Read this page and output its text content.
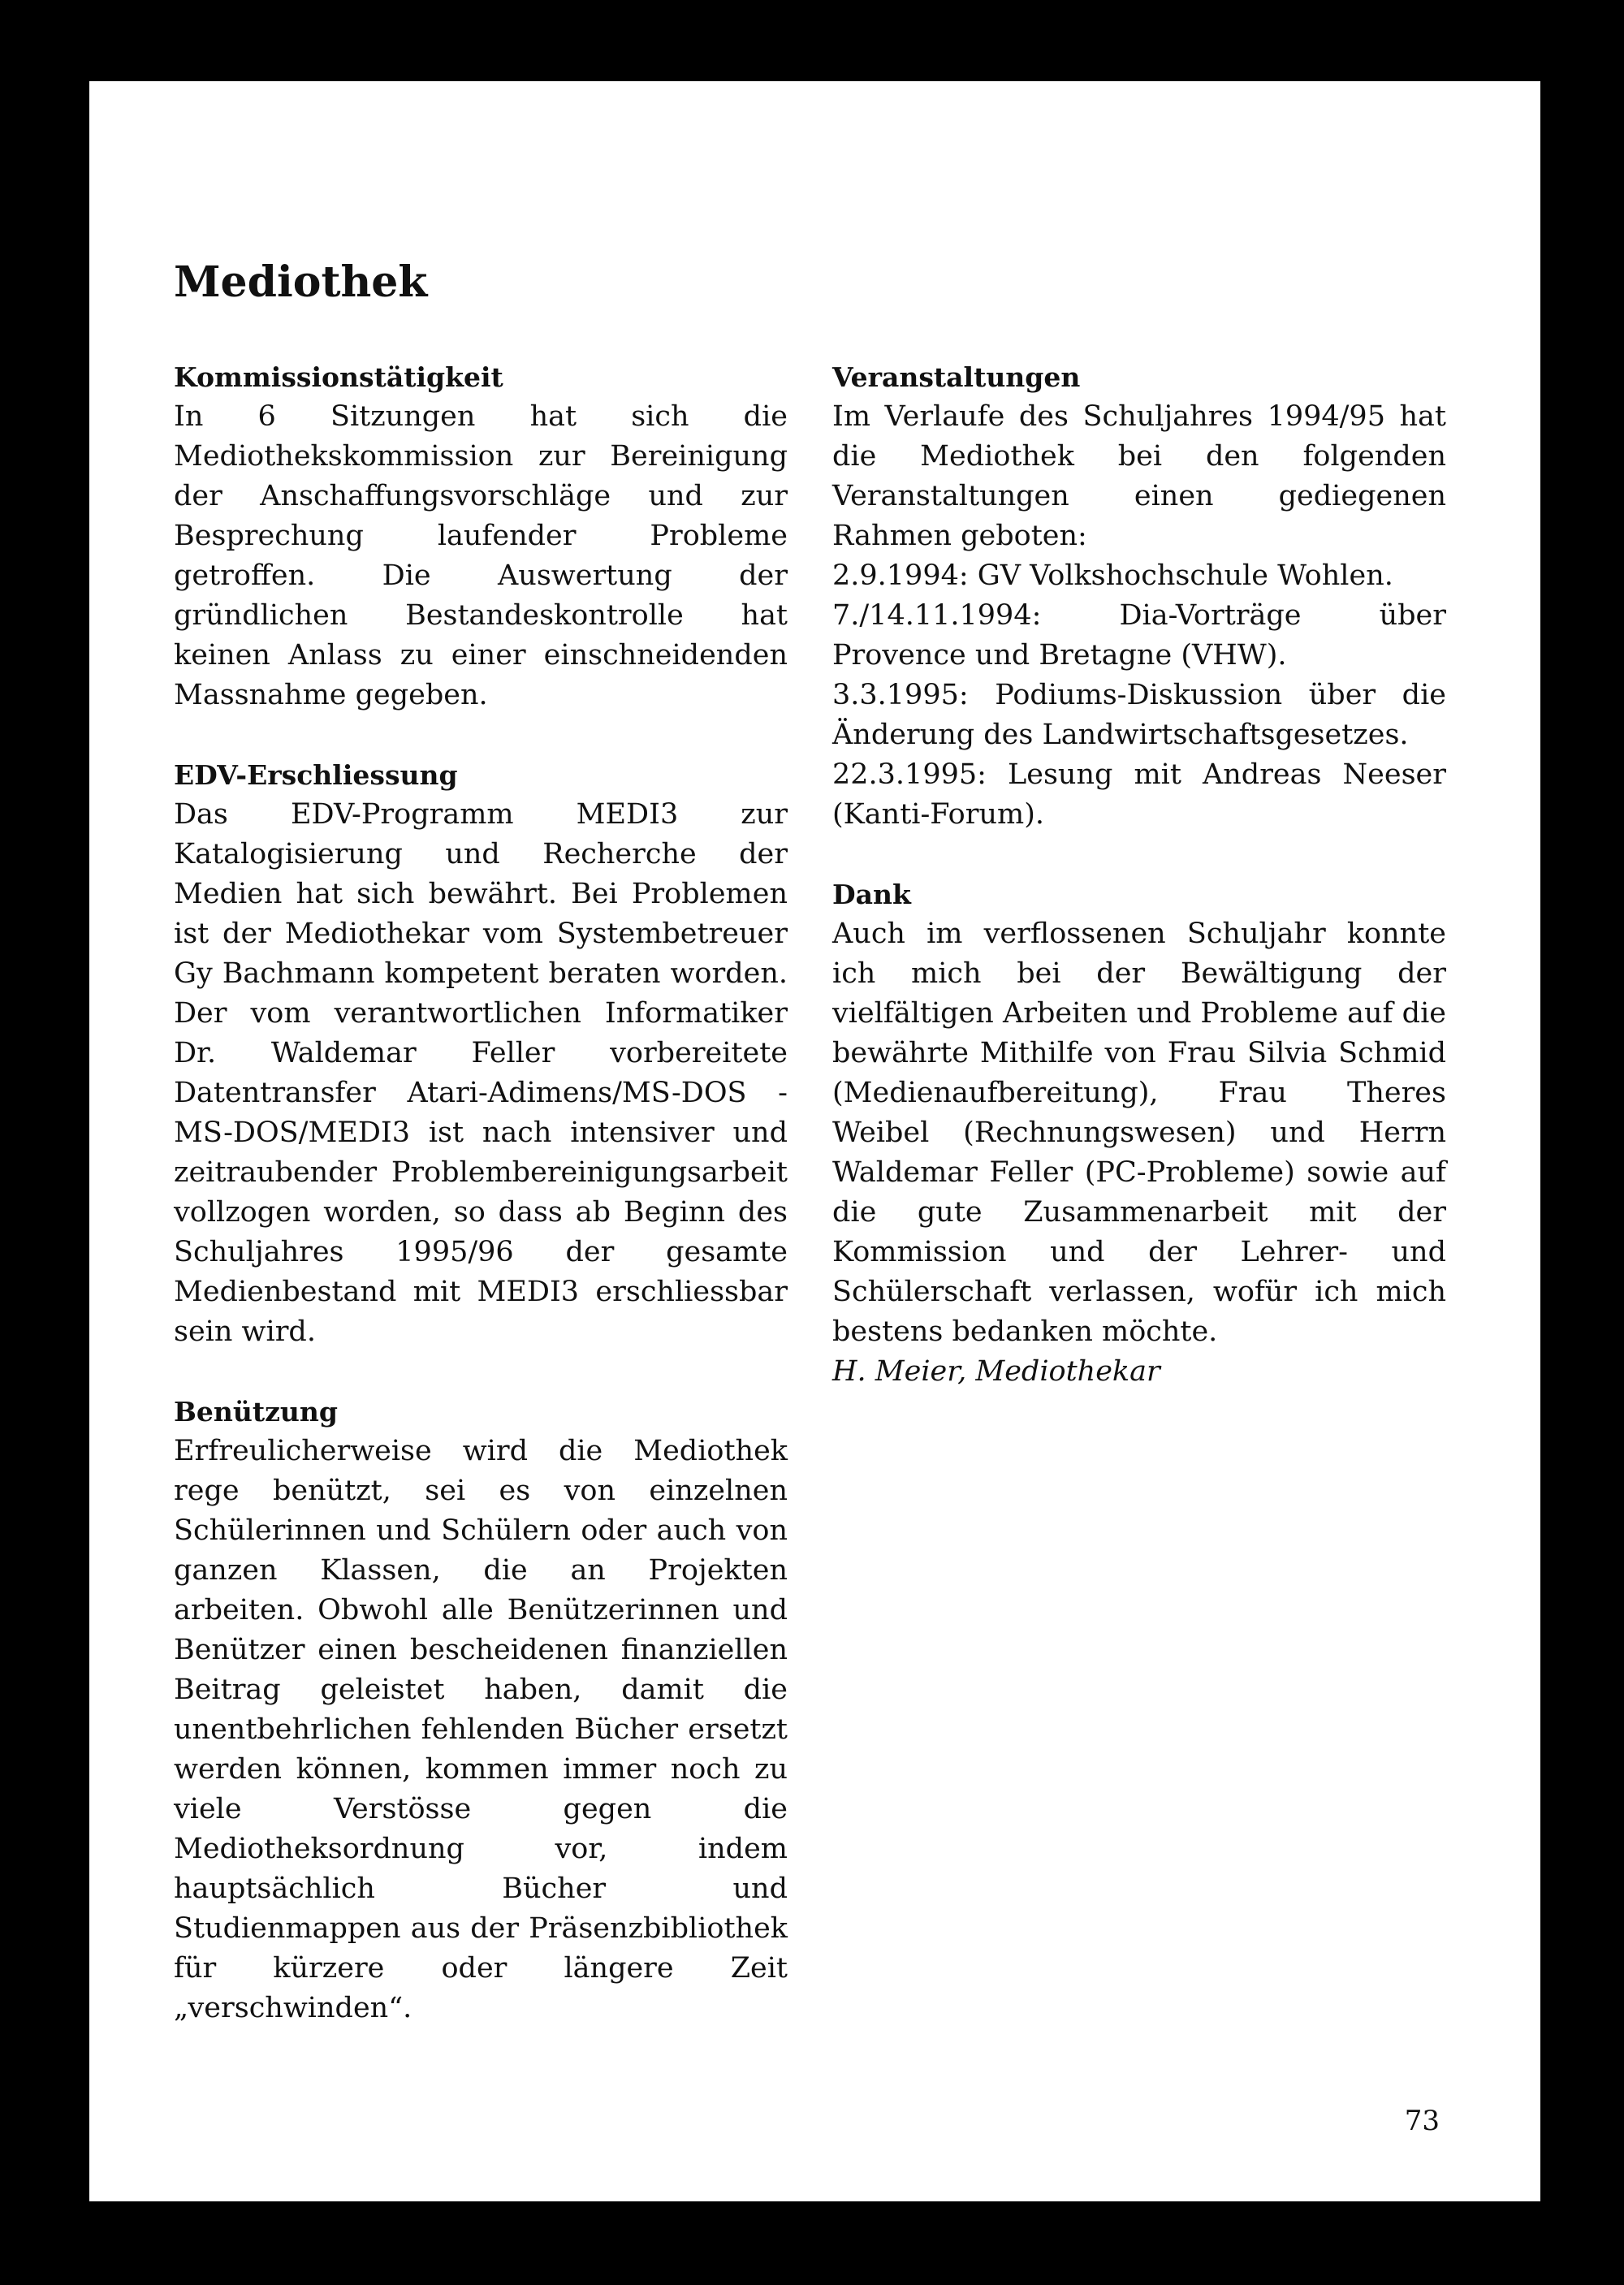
Mediothek
Kommissionstätigkeit

In 6 Sitzungen hat sich die Mediothekskommission zur Bereinigung der Anschaffungsvorschläge und zur Besprechung laufender Probleme getroffen. Die Auswertung der gründlichen Bestandeskontrolle hat keinen Anlass zu einer einschneidenden Massnahme gegeben.

EDV-Erschliessung

Das EDV-Programm MEDI3 zur Katalogisierung und Recherche der Medien hat sich bewährt. Bei Problemen ist der Mediothekar vom Systembetreuer Gy Bachmann kompetent beraten worden. Der vom verantwortlichen Informatiker Dr. Waldemar Feller vorbereitete Datentransfer Atari-Adimens/MS-DOS - MS-DOS/MEDI3 ist nach intensiver und zeitraubender Problembereinigungsarbeit vollzogen worden, so dass ab Beginn des Schuljahres 1995/96 der gesamte Medienbestand mit MEDI3 erschliessbar sein wird.

Benützung

Erfreulicherweise wird die Mediothek rege benützt, sei es von einzelnen Schülerinnen und Schülern oder auch von ganzen Klassen, die an Projekten arbeiten. Obwohl alle Benützerinnen und Benützer einen bescheidenen finanziellen Beitrag geleistet haben, damit die unentbehrlichen fehlenden Bücher ersetzt werden können, kommen immer noch zu viele Verstösse gegen die Mediotheksordnung vor, indem hauptsächlich Bücher und Studienmappen aus der Präsenzbibliothek für kürzere oder längere Zeit „verschwinden“.

Veranstaltungen

Im Verlaufe des Schuljahres 1994/95 hat die Mediothek bei den folgenden Veranstaltungen einen gediegenen Rahmen geboten:

2.9.1994: GV Volkshochschule Wohlen.
7./14.11.1994: Dia-Vorträge über Provence und Bretagne (VHW).
3.3.1995: Podiums-Diskussion über die Änderung des Landwirtschaftsgesetzes.
22.3.1995: Lesung mit Andreas Neeser (Kanti-Forum).

Dank

Auch im verflossenen Schuljahr konnte ich mich bei der Bewältigung der vielfältigen Arbeiten und Probleme auf die bewährte Mithilfe von Frau Silvia Schmid (Medienaufbereitung), Frau Theres Weibel (Rechnungswesen) und Herrn Waldemar Feller (PC-Probleme) sowie auf die gute Zusammenarbeit mit der Kommission und der Lehrer- und Schülerschaft verlassen, wofür ich mich bestens bedanken möchte.

H. Meier, Mediothekar

73
